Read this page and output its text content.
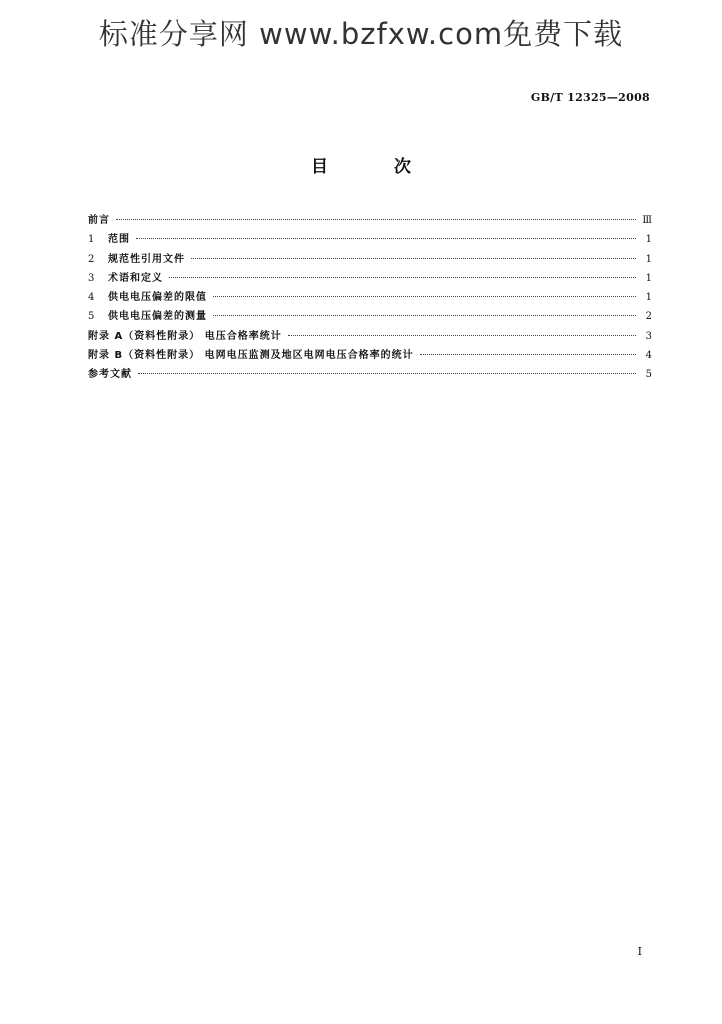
标准分享网 www.bzfxw.com免费下载
GB/T 12325—2008
目 次
前言	Ⅲ
1	范围	1
2	规范性引用文件	1
3	术语和定义	1
4	供电电压偏差的限值	1
5	供电电压偏差的测量	2
附录 A（资料性附录） 电压合格率统计	3
附录 B（资料性附录） 电网电压监测及地区电网电压合格率的统计	4
参考文献	5
I
